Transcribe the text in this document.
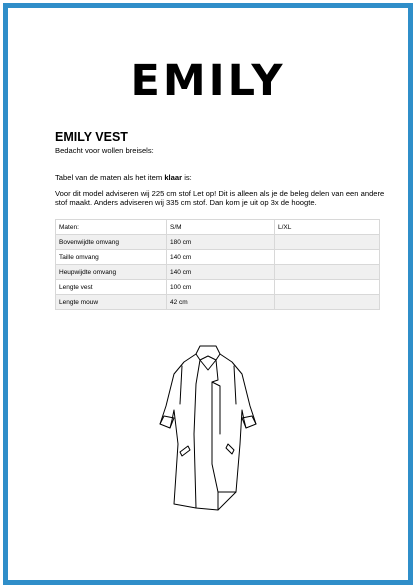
EMILY
EMILY VEST
Bedacht voor wollen breisels:
Tabel van de maten als het item klaar is:
Voor dit model adviseren wij 225 cm stof Let op! Dit is alleen als je de beleg delen van een andere stof maakt. Anders adviseren wij 335 cm stof. Dan kom je uit op 3x de hoogte.
Maten:	S/M	L/XL
Bovenwijdte omvang	180 cm	
Taille omvang	140 cm	
Heupwijdte omvang	140 cm	
Lengte vest	100 cm	
Lengte mouw	42 cm	
